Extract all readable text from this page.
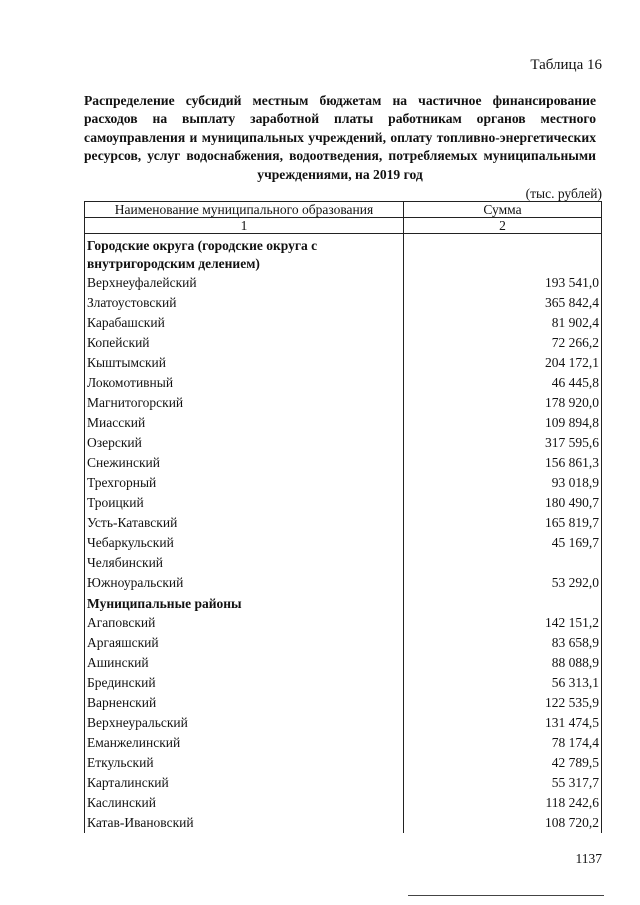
Таблица 16
Распределение субсидий местным бюджетам на частичное финансирование расходов на выплату заработной платы работникам органов местного самоуправления и муниципальных учреждений, оплату топливно-энергетических ресурсов, услуг водоснабжения, водоотведения, потребляемых муниципальными учреждениями, на 2019 год
(тыс. рублей)
Наименование муниципального образования	Сумма
1	2
Городские округа (городские округа с внутригородским делением)	
Верхнеуфалейский	193 541,0
Златоустовский	365 842,4
Карабашский	81 902,4
Копейский	72 266,2
Кыштымский	204 172,1
Локомотивный	46 445,8
Магнитогорский	178 920,0
Миасский	109 894,8
Озерский	317 595,6
Снежинский	156 861,3
Трехгорный	93 018,9
Троицкий	180 490,7
Усть-Катавский	165 819,7
Чебаркульский	45 169,7
Челябинский	
Южноуральский	53 292,0
Муниципальные районы	
Агаповский	142 151,2
Аргаяшский	83 658,9
Ашинский	88 088,9
Брединский	56 313,1
Варненский	122 535,9
Верхнеуральский	131 474,5
Еманжелинский	78 174,4
Еткульский	42 789,5
Карталинский	55 317,7
Каслинский	118 242,6
Катав-Ивановский	108 720,2
1137
